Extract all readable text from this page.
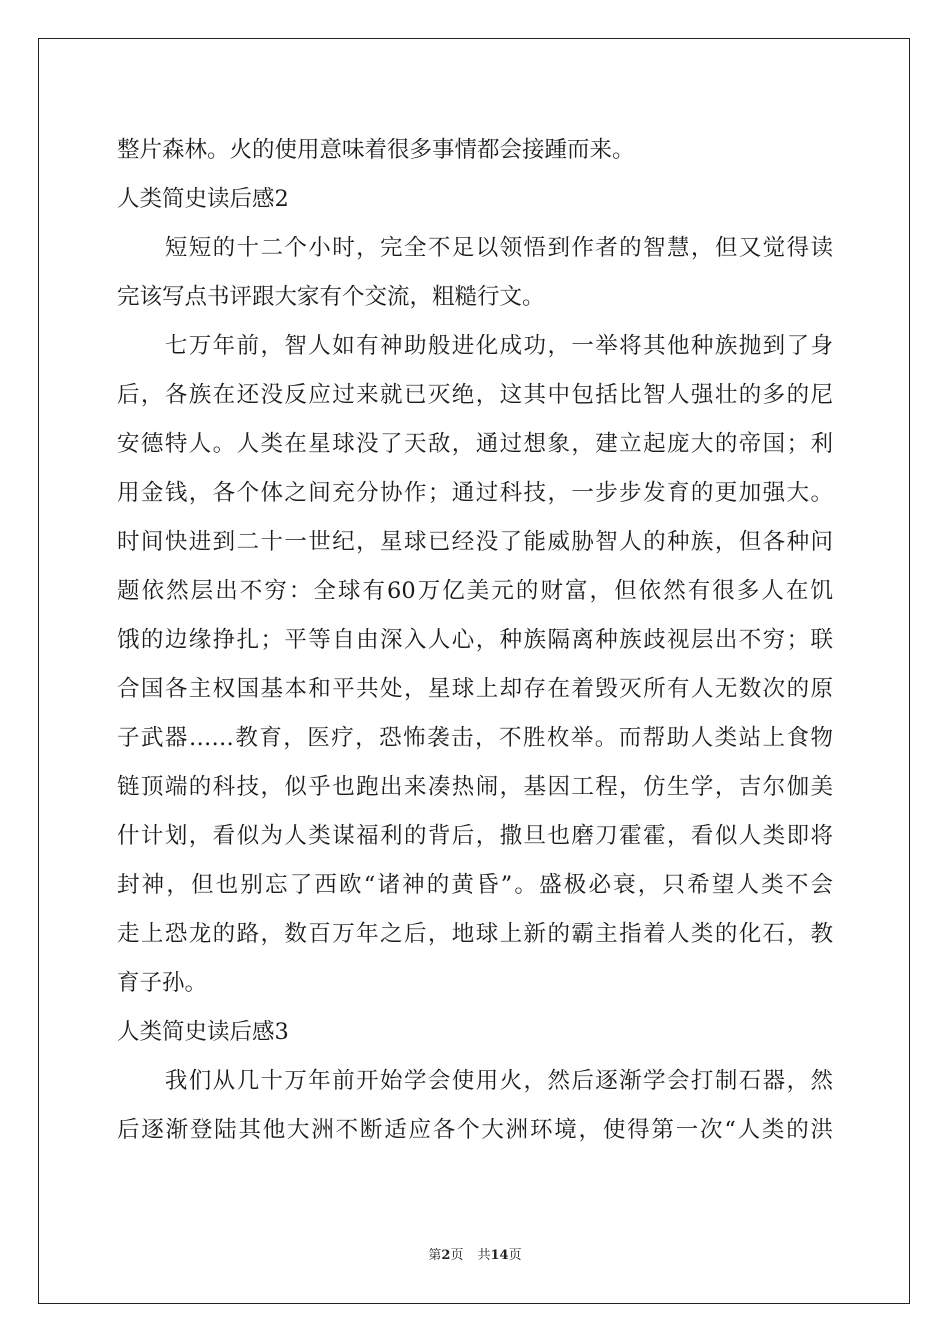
整片森林。火的使用意味着很多事情都会接踵而来。
人类简史读后感2
　　短短的十二个小时，完全不足以领悟到作者的智慧，但又觉得读
完该写点书评跟大家有个交流，粗糙行文。
　　七万年前，智人如有神助般进化成功，一举将其他种族抛到了身
后，各族在还没反应过来就已灭绝，这其中包括比智人强壮的多的尼
安德特人。人类在星球没了天敌，通过想象，建立起庞大的帝国；利
用金钱，各个体之间充分协作；通过科技，一步步发育的更加强大。
时间快进到二十一世纪，星球已经没了能威胁智人的种族，但各种问
题依然层出不穷：全球有60万亿美元的财富，但依然有很多人在饥
饿的边缘挣扎；平等自由深入人心，种族隔离种族歧视层出不穷；联
合国各主权国基本和平共处，星球上却存在着毁灭所有人无数次的原
子武器……教育，医疗，恐怖袭击，不胜枚举。而帮助人类站上食物
链顶端的科技，似乎也跑出来凑热闹，基因工程，仿生学，吉尔伽美
什计划，看似为人类谋福利的背后，撒旦也磨刀霍霍，看似人类即将
封神，但也别忘了西欧“诸神的黄昏”。盛极必衰，只希望人类不会
走上恐龙的路，数百万年之后，地球上新的霸主指着人类的化石，教
育子孙。
人类简史读后感3
　　我们从几十万年前开始学会使用火，然后逐渐学会打制石器，然
后逐渐登陆其他大洲不断适应各个大洲环境，使得第一次“人类的洪
第2页 共14页
